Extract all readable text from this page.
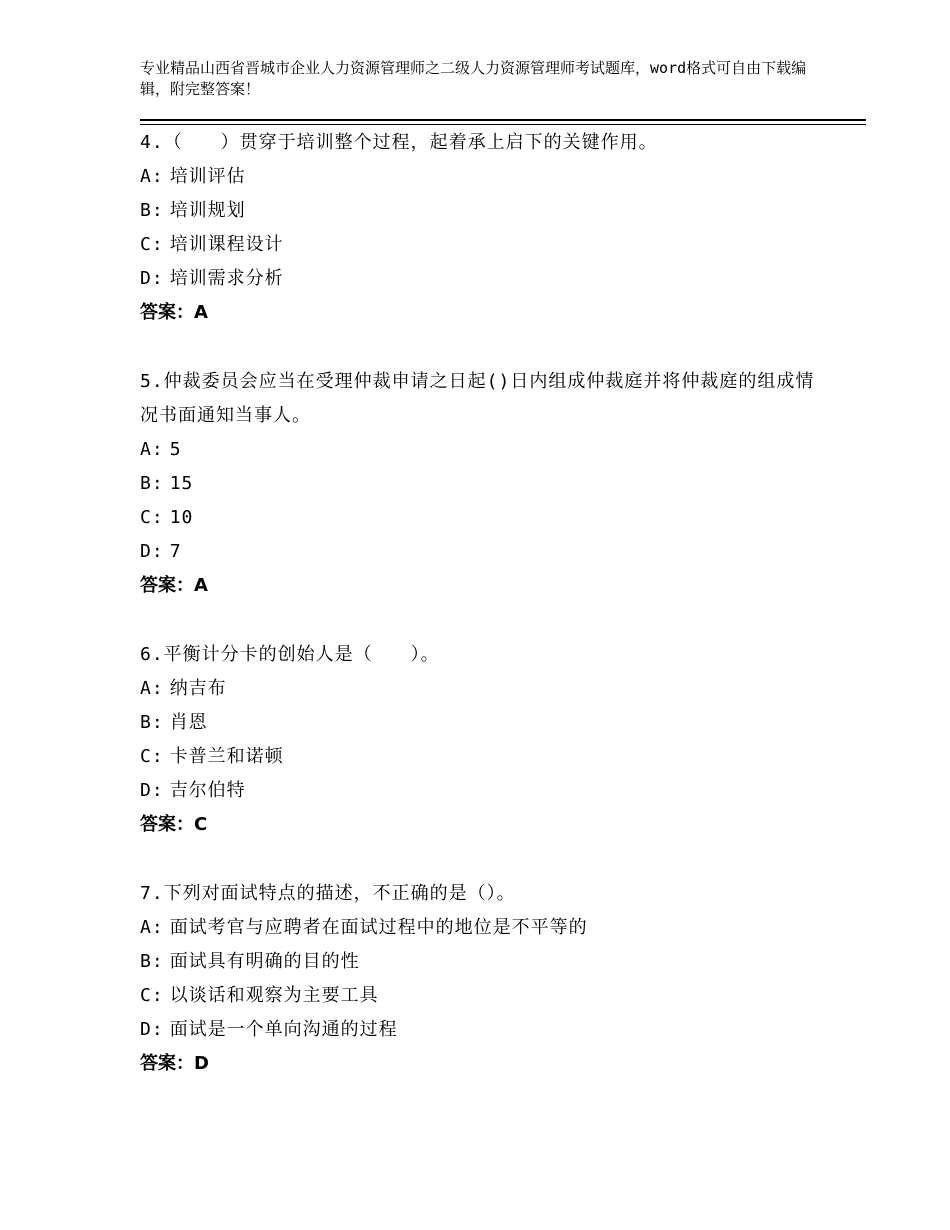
专业精品山西省晋城市企业人力资源管理师之二级人力资源管理师考试题库，word格式可自由下载编辑，附完整答案！
4.（　　）贯穿于培训整个过程，起着承上启下的关键作用。
A: 培训评估
B: 培训规划
C: 培训课程设计
D: 培训需求分析
答案：A
5.仲裁委员会应当在受理仲裁申请之日起()日内组成仲裁庭并将仲裁庭的组成情况书面通知当事人。
A: 5
B: 15
C: 10
D: 7
答案：A
6.平衡计分卡的创始人是（　　）。
A: 纳吉布
B: 肖恩
C: 卡普兰和诺顿
D: 吉尔伯特
答案：C
7.下列对面试特点的描述，不正确的是（）。
A: 面试考官与应聘者在面试过程中的地位是不平等的
B: 面试具有明确的目的性
C: 以谈话和观察为主要工具
D: 面试是一个单向沟通的过程
答案：D
